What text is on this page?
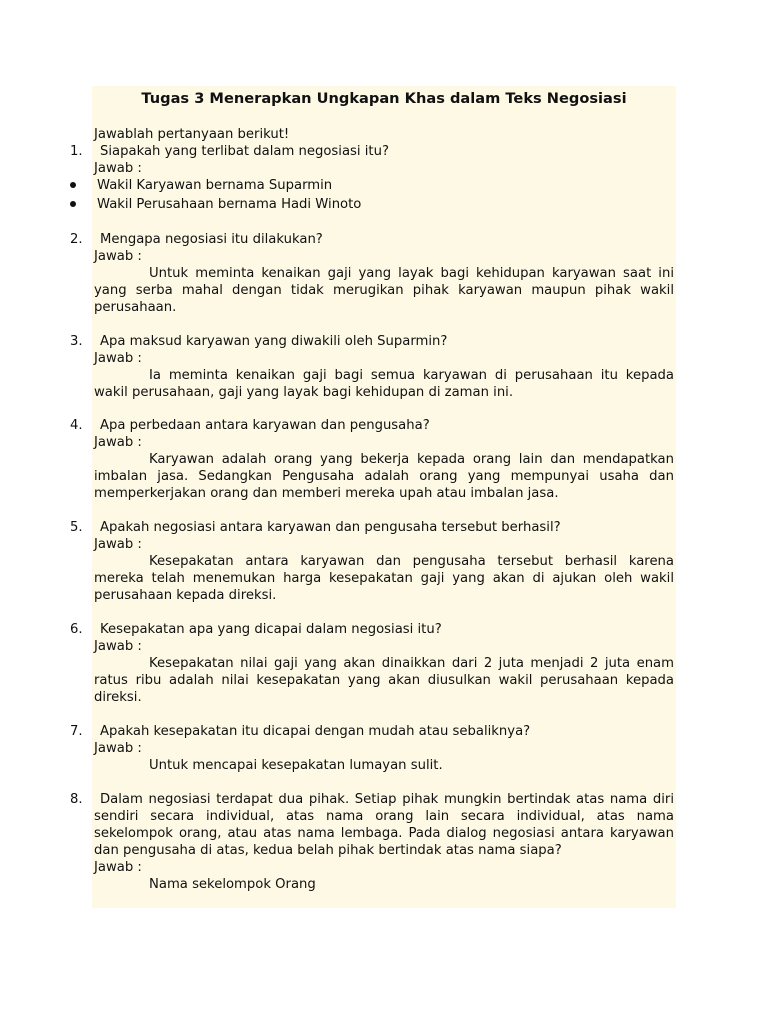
Tugas 3 Menerapkan Ungkapan Khas dalam Teks Negosiasi

Jawablah pertanyaan berikut!

1. Siapakah yang terlibat dalam negosiasi itu?

Jawab :

Wakil Karyawan bernama Suparmin

Wakil Perusahaan bernama Hadi Winoto

2. Mengapa negosiasi itu dilakukan?

Jawab :

Untuk meminta kenaikan gaji yang layak bagi kehidupan karyawan saat ini yang serba mahal dengan tidak merugikan pihak karyawan maupun pihak wakil perusahaan.

3. Apa maksud karyawan yang diwakili oleh Suparmin?

Jawab :

Ia meminta kenaikan gaji bagi semua karyawan di perusahaan itu kepada wakil perusahaan, gaji yang layak bagi kehidupan di zaman ini.

4. Apa perbedaan antara karyawan dan pengusaha?

Jawab :

Karyawan adalah orang yang bekerja kepada orang lain dan mendapatkan imbalan jasa. Sedangkan Pengusaha adalah orang yang mempunyai usaha dan memperkerjakan orang dan memberi mereka upah atau imbalan jasa.

5. Apakah negosiasi antara karyawan dan pengusaha tersebut berhasil?

Jawab :

Kesepakatan antara karyawan dan pengusaha tersebut berhasil karena mereka telah menemukan harga kesepakatan gaji yang akan di ajukan oleh wakil perusahaan kepada direksi.

6. Kesepakatan apa yang dicapai dalam negosiasi itu?

Jawab :

Kesepakatan nilai gaji yang akan dinaikkan dari 2 juta menjadi 2 juta enam ratus ribu adalah nilai kesepakatan yang akan diusulkan wakil perusahaan kepada direksi.

7. Apakah kesepakatan itu dicapai dengan mudah atau sebaliknya?

Jawab :

Untuk mencapai kesepakatan lumayan sulit.

8.	Dalam negosiasi terdapat dua pihak. Setiap pihak mungkin bertindak atas nama diri sendiri secara individual, atas nama orang lain secara individual, atas nama sekelompok orang, atau atas nama lembaga. Pada dialog negosiasi antara karyawan dan pengusaha di atas, kedua belah pihak bertindak atas nama siapa?

Jawab :

Nama sekelompok Orang
